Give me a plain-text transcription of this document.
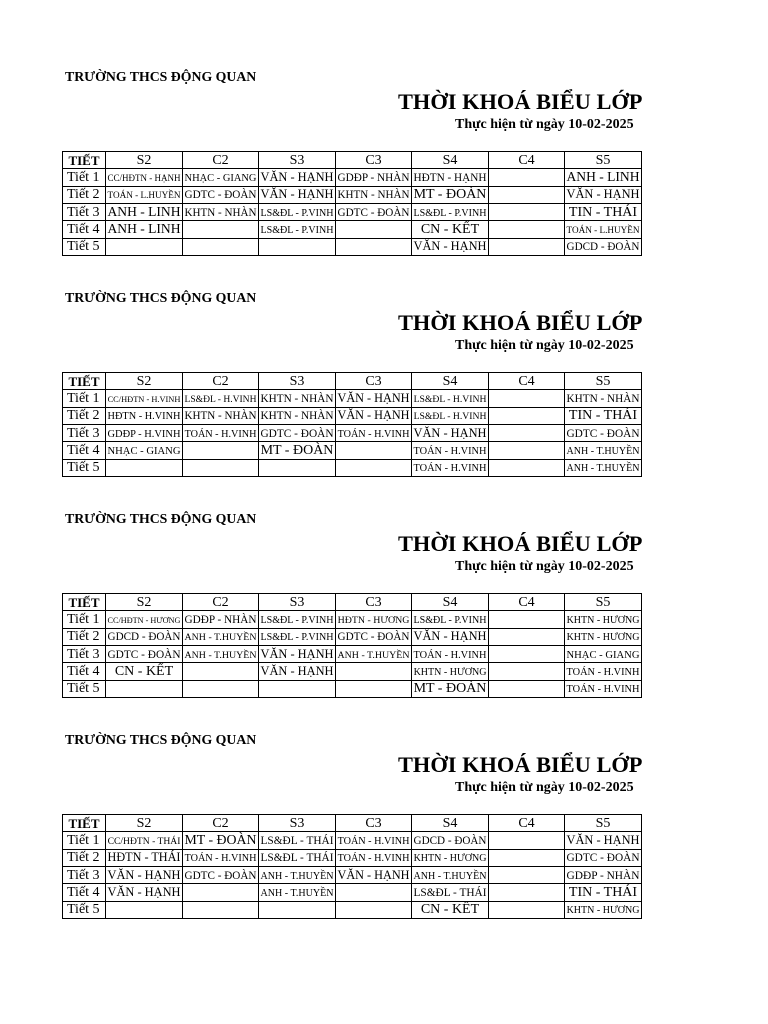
TRƯỜNG THCS ĐỘNG QUAN
THỜI KHOÁ BIỂU LỚP
Thực hiện từ ngày 10-02-2025
TIẾT	S2	C2	S3	C3	S4	C4	S5
Tiết 1	CC/HĐTN - HẠNH	NHẠC - GIANG	VĂN - HẠNH	GDĐP - NHÀN	HĐTN - HẠNH		ANH - LINH
Tiết 2	TOÁN - L.HUYỀN	GDTC - ĐOÀN	VĂN - HẠNH	KHTN - NHÀN	MT - ĐOÀN		VĂN - HẠNH
Tiết 3	ANH - LINH	KHTN - NHÀN	LS&ĐL - P.VINH	GDTC - ĐOÀN	LS&ĐL - P.VINH		TIN - THÁI
Tiết 4	ANH - LINH		LS&ĐL - P.VINH		CN - KẾT		TOÁN - L.HUYỀN
Tiết 5					VĂN - HẠNH		GDCD - ĐOÀN
TRƯỜNG THCS ĐỘNG QUAN
THỜI KHOÁ BIỂU LỚP
Thực hiện từ ngày 10-02-2025
TIẾT	S2	C2	S3	C3	S4	C4	S5
Tiết 1	CC/HĐTN - H.VINH	LS&ĐL - H.VINH	KHTN - NHÀN	VĂN - HẠNH	LS&ĐL - H.VINH		KHTN - NHÀN
Tiết 2	HĐTN - H.VINH	KHTN - NHÀN	KHTN - NHÀN	VĂN - HẠNH	LS&ĐL - H.VINH		TIN - THÁI
Tiết 3	GDĐP - H.VINH	TOÁN - H.VINH	GDTC - ĐOÀN	TOÁN - H.VINH	VĂN - HẠNH		GDTC - ĐOÀN
Tiết 4	NHẠC - GIANG		MT - ĐOÀN		TOÁN - H.VINH		ANH - T.HUYỀN
Tiết 5					TOÁN - H.VINH		ANH - T.HUYỀN
TRƯỜNG THCS ĐỘNG QUAN
THỜI KHOÁ BIỂU LỚP
Thực hiện từ ngày 10-02-2025
TIẾT	S2	C2	S3	C3	S4	C4	S5
Tiết 1	CC/HĐTN - HƯƠNG	GDĐP - NHÀN	LS&ĐL - P.VINH	HĐTN - HƯƠNG	LS&ĐL - P.VINH		KHTN - HƯƠNG
Tiết 2	GDCD - ĐOÀN	ANH - T.HUYỀN	LS&ĐL - P.VINH	GDTC - ĐOÀN	VĂN - HẠNH		KHTN - HƯƠNG
Tiết 3	GDTC - ĐOÀN	ANH - T.HUYỀN	VĂN - HẠNH	ANH - T.HUYỀN	TOÁN - H.VINH		NHẠC - GIANG
Tiết 4	CN - KẾT		VĂN - HẠNH		KHTN - HƯƠNG		TOÁN - H.VINH
Tiết 5					MT - ĐOÀN		TOÁN - H.VINH
TRƯỜNG THCS ĐỘNG QUAN
THỜI KHOÁ BIỂU LỚP
Thực hiện từ ngày 10-02-2025
TIẾT	S2	C2	S3	C3	S4	C4	S5
Tiết 1	CC/HĐTN - THÁI	MT - ĐOÀN	LS&ĐL - THÁI	TOÁN - H.VINH	GDCD - ĐOÀN		VĂN - HẠNH
Tiết 2	HĐTN - THÁI	TOÁN - H.VINH	LS&ĐL - THÁI	TOÁN - H.VINH	KHTN - HƯƠNG		GDTC - ĐOÀN
Tiết 3	VĂN - HẠNH	GDTC - ĐOÀN	ANH - T.HUYỀN	VĂN - HẠNH	ANH - T.HUYỀN		GDĐP - NHÀN
Tiết 4	VĂN - HẠNH		ANH - T.HUYỀN		LS&ĐL - THÁI		TIN - THÁI
Tiết 5					CN - KẾT		KHTN - HƯƠNG
